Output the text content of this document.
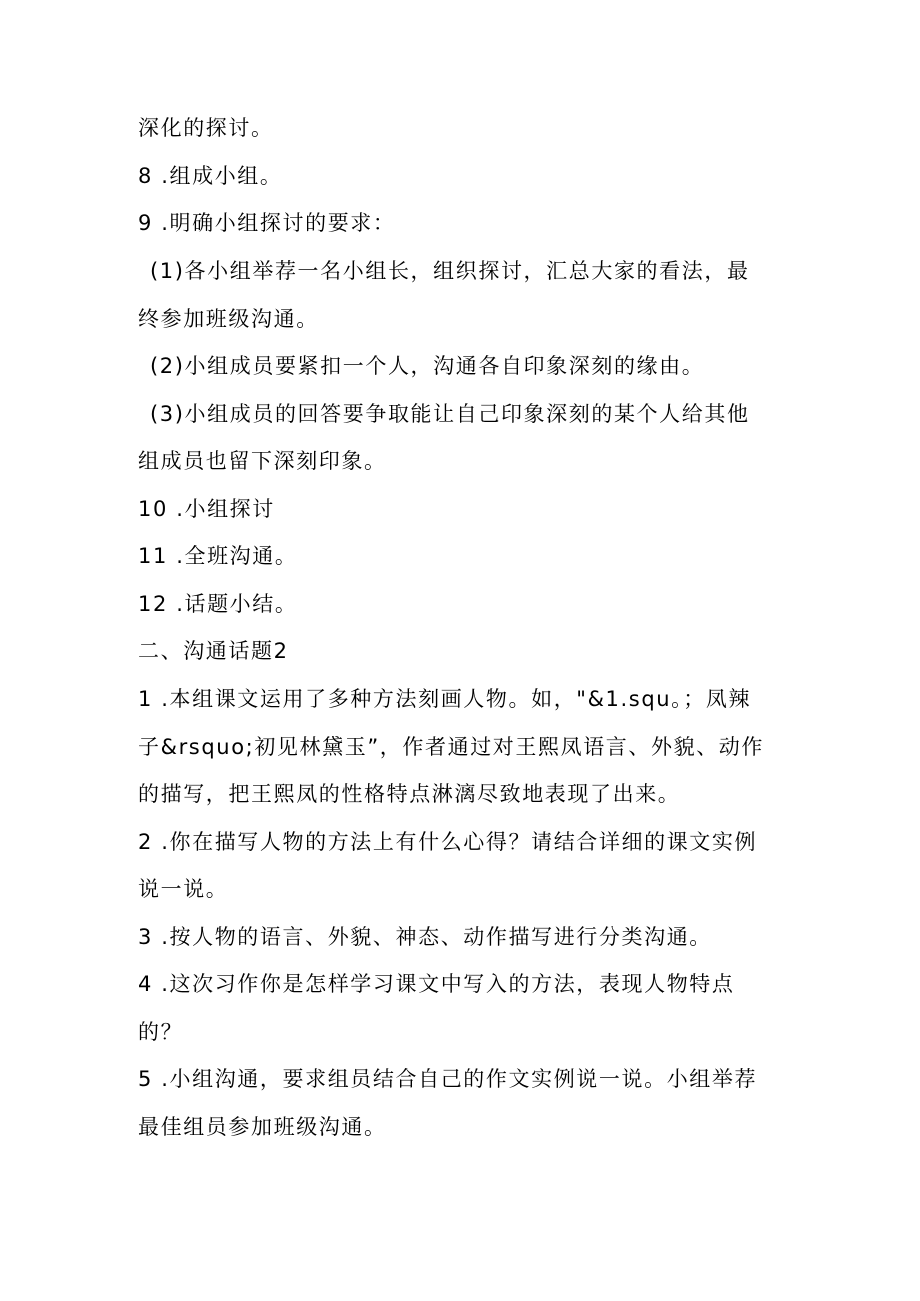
深化的探讨。
8 .组成小组。
9 .明确小组探讨的要求：
(1)各小组举荐一名小组长，组织探讨，汇总大家的看法，最
终参加班级沟通。
(2)小组成员要紧扣一个人，沟通各自印象深刻的缘由。
(3)小组成员的回答要争取能让自己印象深刻的某个人给其他
组成员也留下深刻印象。
10 .小组探讨
11 .全班沟通。
12 .话题小结。
二、沟通话题2
1 .本组课文运用了多种方法刻画人物。如，"&1.squ。；凤辣
子&rsquo;初见林黛玉”，作者通过对王熙凤语言、外貌、动作
的描写，把王熙凤的性格特点淋漓尽致地表现了出来。
2 .你在描写人物的方法上有什么心得？请结合详细的课文实例
说一说。
3 .按人物的语言、外貌、神态、动作描写进行分类沟通。
4 .这次习作你是怎样学习课文中写入的方法，表现人物特点
的？
5 .小组沟通，要求组员结合自己的作文实例说一说。小组举荐
最佳组员参加班级沟通。
